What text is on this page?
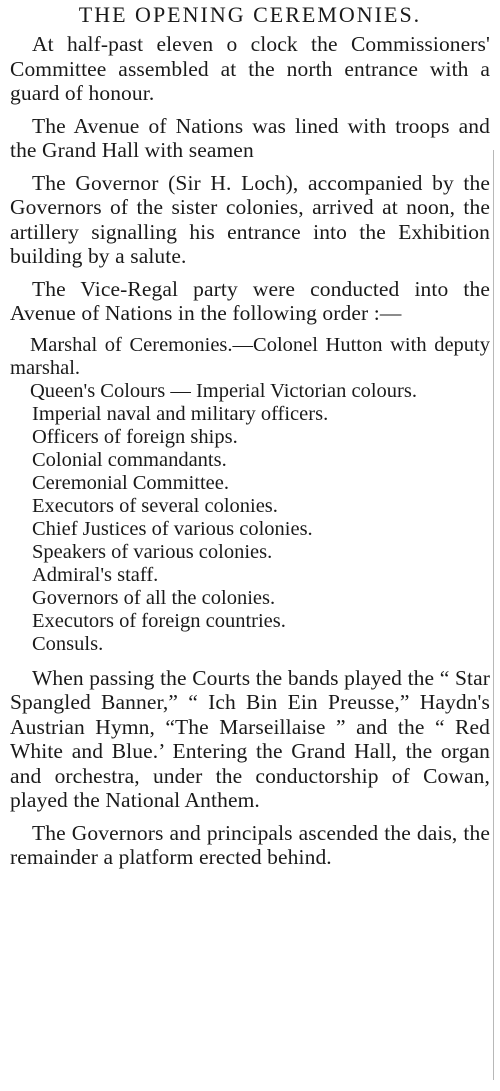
THE OPENING CEREMONIES.

At half-past eleven o clock the Commissioners' Committee assembled at the north entrance with a guard of honour.

The Avenue of Nations was lined with troops and the Grand Hall with seamen

The Governor (Sir H. Loch), accompanied by the Governors of the sister colonies, arrived at noon, the artillery signalling his entrance into the Exhibition building by a salute.

The Vice-Regal party were conducted into the Avenue of Nations in the following order :—

Marshal of Ceremonies.—Colonel Hutton with deputy marshal.
Queen's Colours — Imperial Victorian colours.
Imperial naval and military officers.
Officers of foreign ships.
Colonial commandants.
Ceremonial Committee.
Executors of several colonies.
Chief Justices of various colonies.
Speakers of various colonies.
Admiral's staff.
Governors of all the colonies.
Executors of foreign countries.
Consuls.

When passing the Courts the bands played the “ Star Spangled Banner,” “ Ich Bin Ein Preusse,” Haydn's Austrian Hymn, “The Marseillaise ” and the “ Red White and Blue.’ Entering the Grand Hall, the organ and orchestra, under the conductorship of Cowan, played the National Anthem.

The Governors and principals ascended the dais, the remainder a platform erected behind.
